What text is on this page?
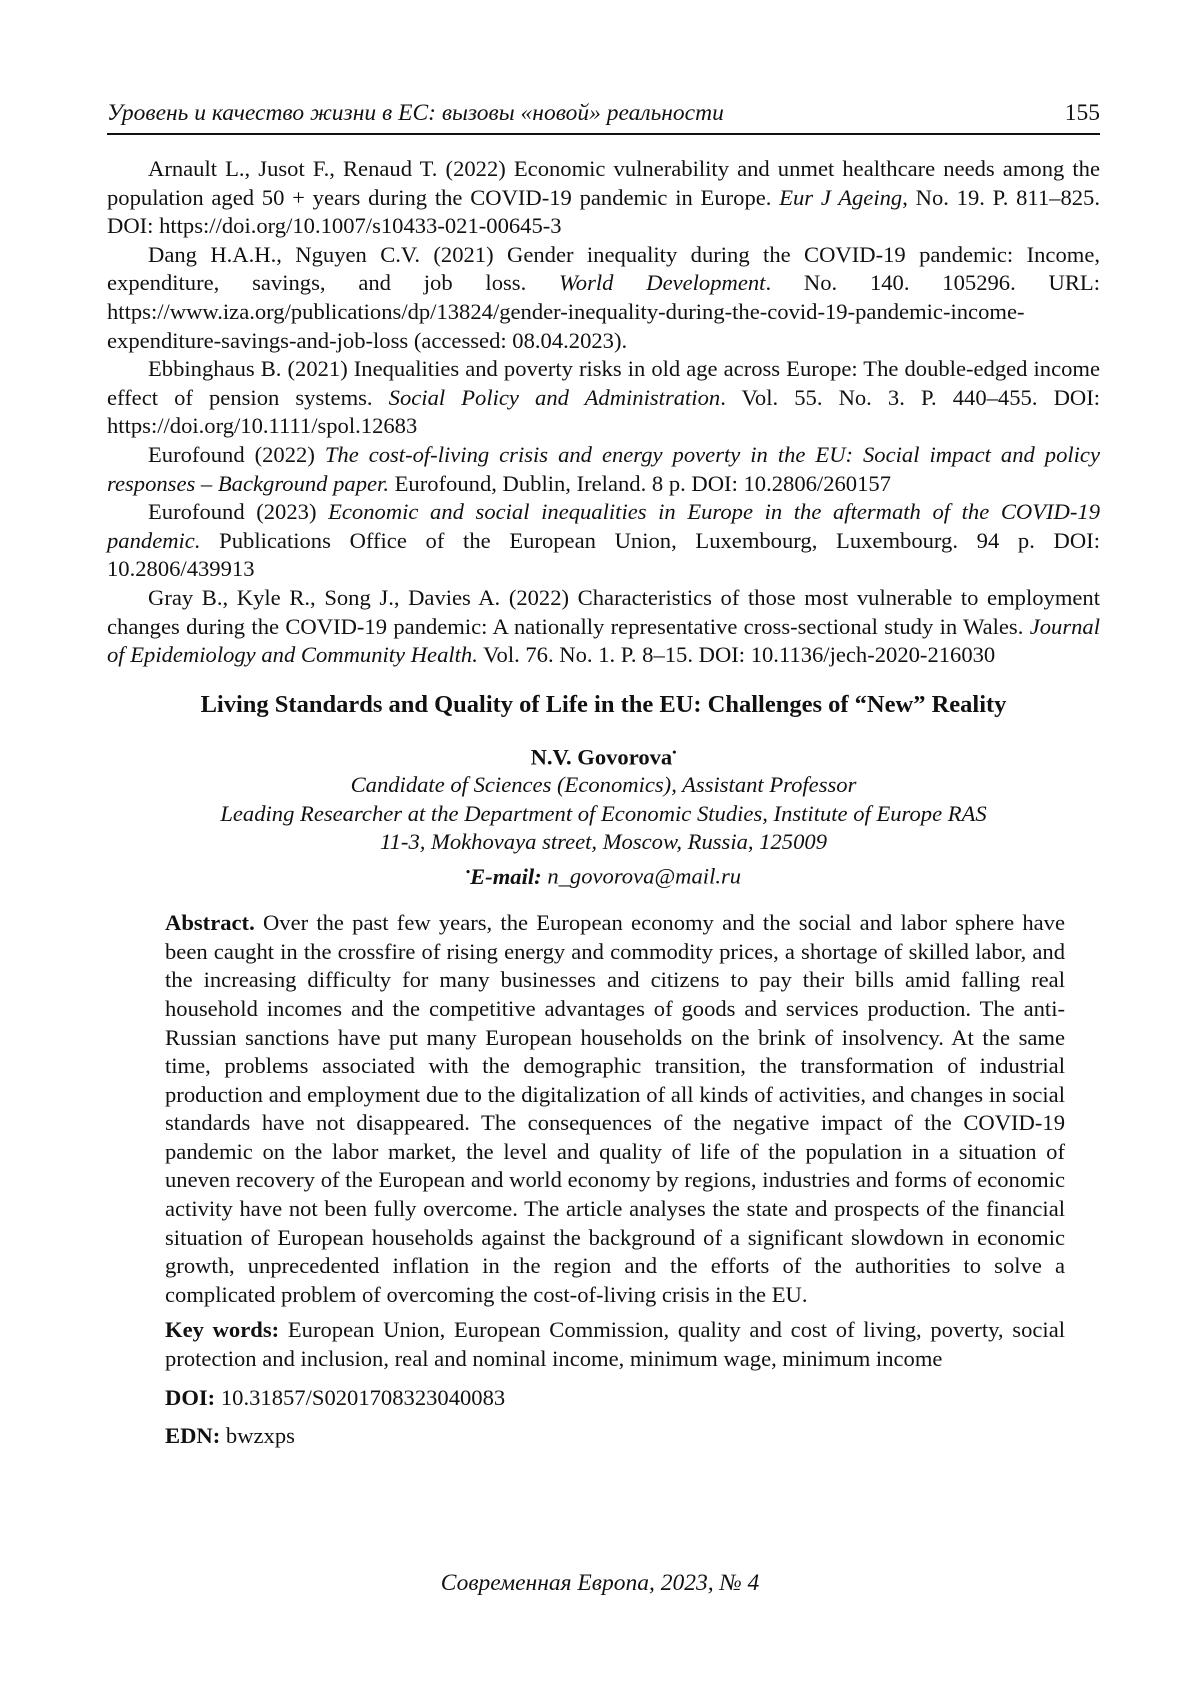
Уровень и качество жизни в ЕС: вызовы «новой» реальности	155

Arnault L., Jusot F., Renaud T. (2022) Economic vulnerability and unmet healthcare needs among the population aged 50 + years during the COVID-19 pandemic in Europe. Eur J Ageing, No. 19. P. 811–825. DOI: https://doi.org/10.1007/s10433-021-00645-3

Dang H.A.H., Nguyen C.V. (2021) Gender inequality during the COVID-19 pandemic: Income, expenditure, savings, and job loss. World Development. No. 140. 105296. URL: https://www.iza.org/publications/dp/13824/gender-inequality-during-the-covid-19-pandemic-income-expenditure-savings-and-job-loss (accessed: 08.04.2023).

Ebbinghaus B. (2021) Inequalities and poverty risks in old age across Europe: The double-edged income effect of pension systems. Social Policy and Administration. Vol. 55. No. 3. P. 440–455. DOI: https://doi.org/10.1111/spol.12683

Eurofound (2022) The cost-of-living crisis and energy poverty in the EU: Social impact and policy responses – Background paper. Eurofound, Dublin, Ireland. 8 p. DOI: 10.2806/260157

Eurofound (2023) Economic and social inequalities in Europe in the aftermath of the COVID-19 pandemic. Publications Office of the European Union, Luxembourg, Luxembourg. 94 p. DOI: 10.2806/439913

Gray B., Kyle R., Song J., Davies A. (2022) Characteristics of those most vulnerable to employment changes during the COVID-19 pandemic: A nationally representative cross-sectional study in Wales. Journal of Epidemiology and Community Health. Vol. 76. No. 1. P. 8–15. DOI: 10.1136/jech-2020-216030

Living Standards and Quality of Life in the EU: Challenges of “New” Reality
N.V. Govorova•
Candidate of Sciences (Economics), Assistant Professor
Leading Researcher at the Department of Economic Studies, Institute of Europe RAS
11-3, Mokhovaya street, Moscow, Russia, 125009
•E-mail: n_govorova@mail.ru

Abstract. Over the past few years, the European economy and the social and labor sphere have been caught in the crossfire of rising energy and commodity prices, a shortage of skilled labor, and the increasing difficulty for many businesses and citizens to pay their bills amid falling real household incomes and the competitive advantages of goods and services production. The anti-Russian sanctions have put many European households on the brink of insolvency. At the same time, problems associated with the demographic transition, the transformation of industrial production and employment due to the digitalization of all kinds of activities, and changes in social standards have not disappeared. The consequences of the negative impact of the COVID-19 pandemic on the labor market, the level and quality of life of the population in a situation of uneven recovery of the European and world economy by regions, industries and forms of economic activity have not been fully overcome. The article analyses the state and prospects of the financial situation of European households against the background of a significant slowdown in economic growth, unprecedented inflation in the region and the efforts of the authorities to solve a complicated problem of overcoming the cost-of-living crisis in the EU.

Key words: European Union, European Commission, quality and cost of living, poverty, social protection and inclusion, real and nominal income, minimum wage, minimum income

DOI: 10.31857/S0201708323040083

EDN: bwzxps

Современная Европа, 2023, № 4
